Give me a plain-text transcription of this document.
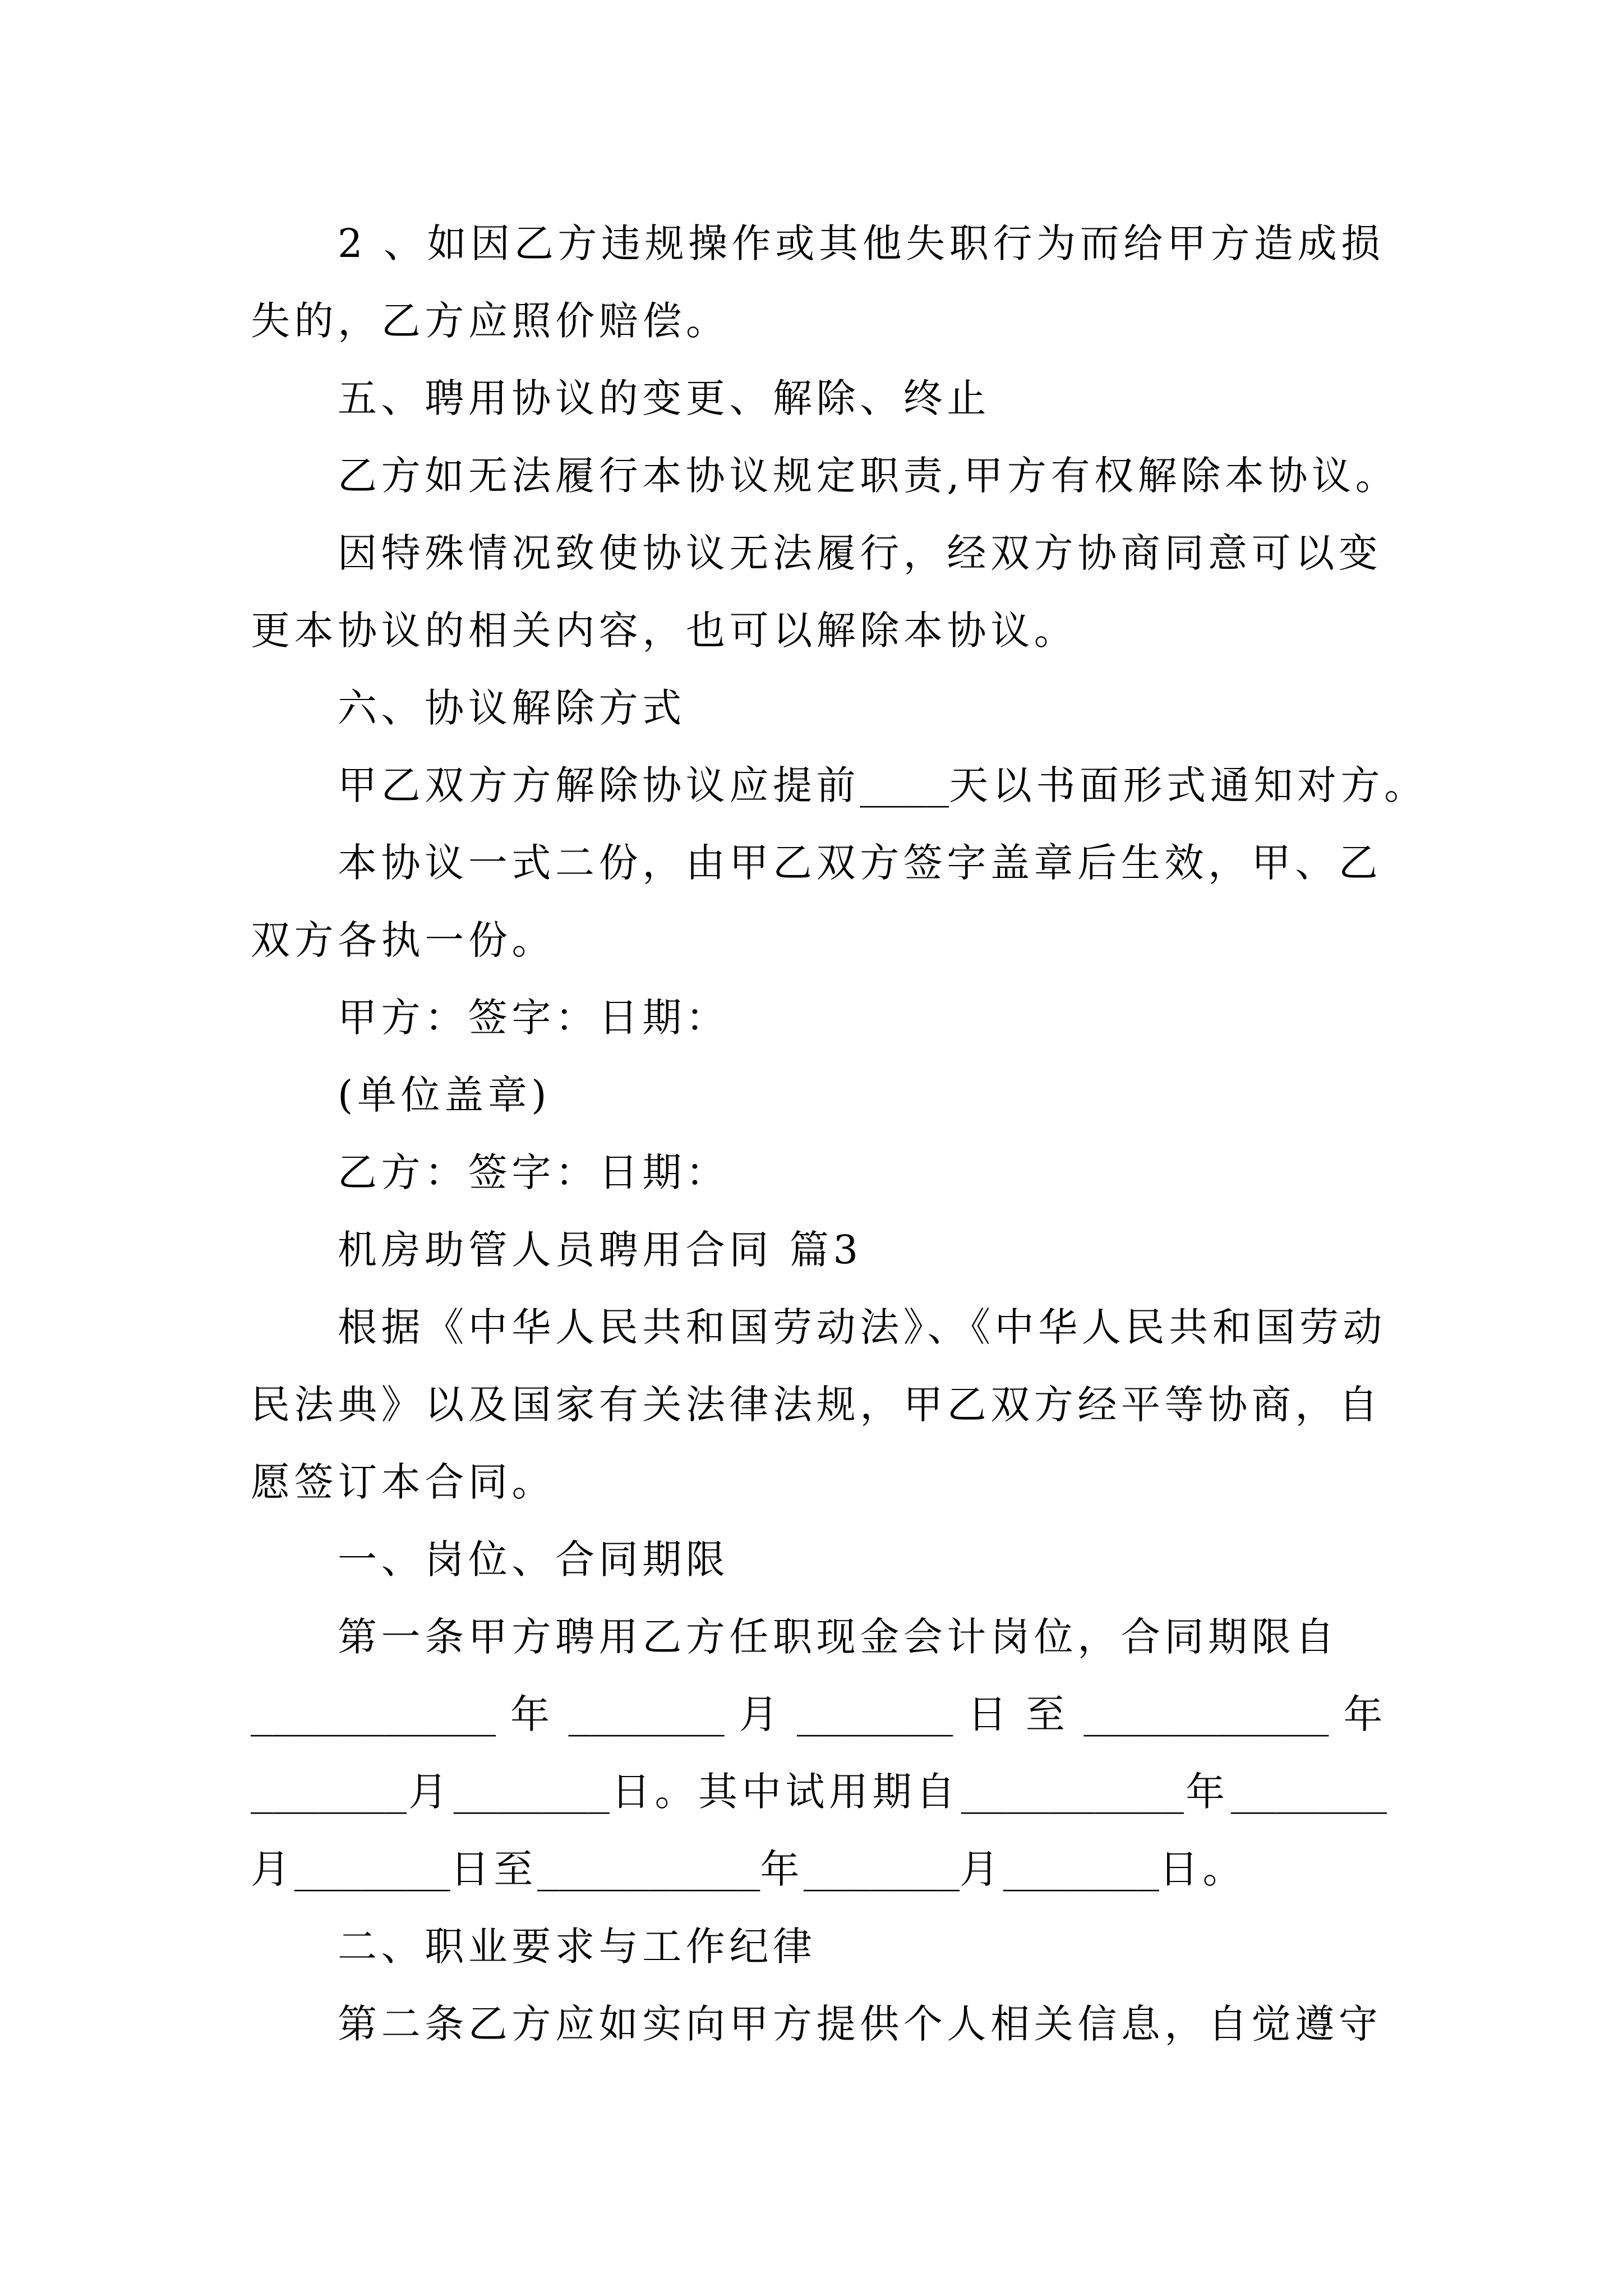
2 、如因乙方违规操作或其他失职行为而给甲方造成损
失的，乙方应照价赔偿。
五、聘用协议的变更、解除、终止
乙方如无法履行本协议规定职责,甲方有权解除本协议。
因特殊情况致使协议无法履行，经双方协商同意可以变
更本协议的相关内容，也可以解除本协议。
六、协议解除方式
甲乙双方方解除协议应提前____天以书面形式通知对方。
本协议一式二份，由甲乙双方签字盖章后生效，甲、乙
双方各执一份。
甲方：签字：日期：
(单位盖章)
乙方：签字：日期：
机房助管人员聘用合同 篇3
根据《中华人民共和国劳动法》、《中华人民共和国劳动
民法典》以及国家有关法律法规，甲乙双方经平等协商，自
愿签订本合同。
一、岗位、合同期限
第一条甲方聘用乙方任职现金会计岗位，合同期限自
___________ 年 _______ 月 _______ 日 至 ___________ 年
_______ 月 _______ 日。其中试用期自 __________ 年 _______
月_______日至__________年_______月_______日。
二、职业要求与工作纪律
第二条乙方应如实向甲方提供个人相关信息，自觉遵守
